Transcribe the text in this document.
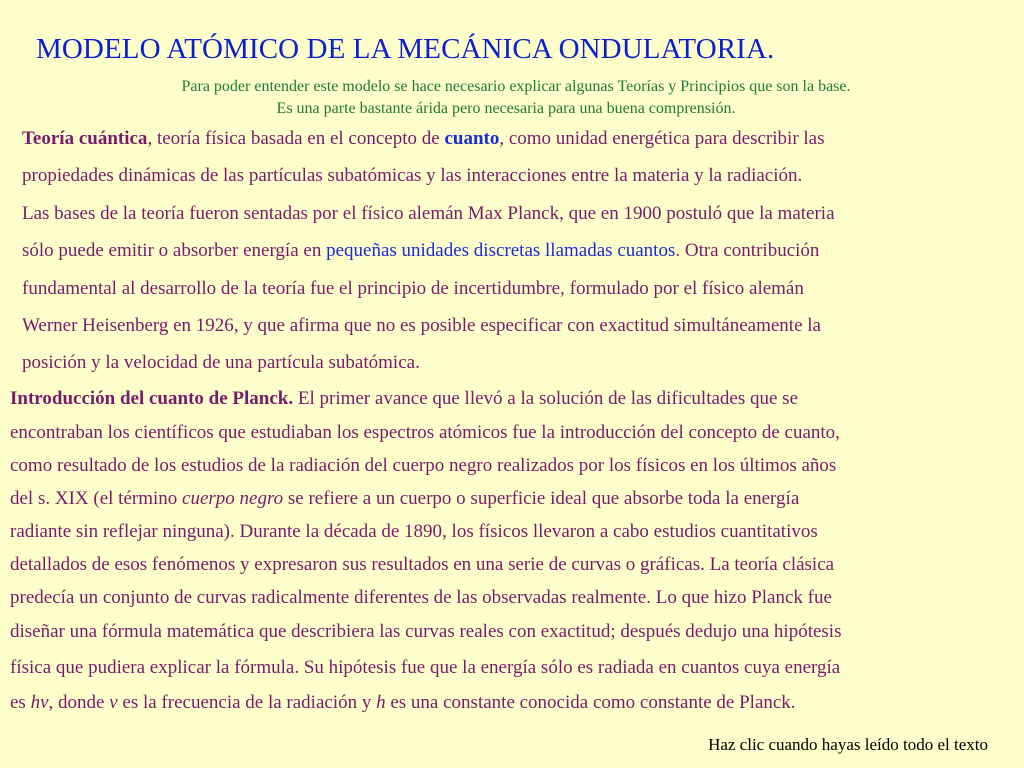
MODELO ATÓMICO DE LA MECÁNICA ONDULATORIA.
Para poder entender este modelo se hace necesario explicar algunas Teorías y Principios que son la base.
Es una parte bastante árida pero necesaria para una buena comprensión.
Teoría cuántica, teoría física basada en el concepto de cuanto, como unidad energética para describir las
propiedades dinámicas de las partículas subatómicas y las interacciones entre la materia y la radiación.
Las bases de la teoría fueron sentadas por el físico alemán Max Planck, que en 1900 postuló que la materia
sólo puede emitir o absorber energía en pequeñas unidades discretas llamadas cuantos. Otra contribución
fundamental al desarrollo de la teoría fue el principio de incertidumbre, formulado por el físico alemán
Werner Heisenberg en 1926, y que afirma que no es posible especificar con exactitud simultáneamente la
posición y la velocidad de una partícula subatómica.
Introducción del cuanto de Planck. El primer avance que llevó a la solución de las dificultades que se
encontraban los científicos que estudiaban los espectros atómicos fue la introducción del concepto de cuanto,
como resultado de los estudios de la radiación del cuerpo negro realizados por los físicos en los últimos años
del s. XIX (el término cuerpo negro se refiere a un cuerpo o superficie ideal que absorbe toda la energía
radiante sin reflejar ninguna). Durante la década de 1890, los físicos llevaron a cabo estudios cuantitativos
detallados de esos fenómenos y expresaron sus resultados en una serie de curvas o gráficas. La teoría clásica
predecía un conjunto de curvas radicalmente diferentes de las observadas realmente. Lo que hizo Planck fue
diseñar una fórmula matemática que describiera las curvas reales con exactitud; después dedujo una hipótesis
física que pudiera explicar la fórmula. Su hipótesis fue que la energía sólo es radiada en cuantos cuya energía
es hν, donde ν es la frecuencia de la radiación y h es una constante conocida como constante de Planck.
Haz clic cuando hayas leído todo el texto
